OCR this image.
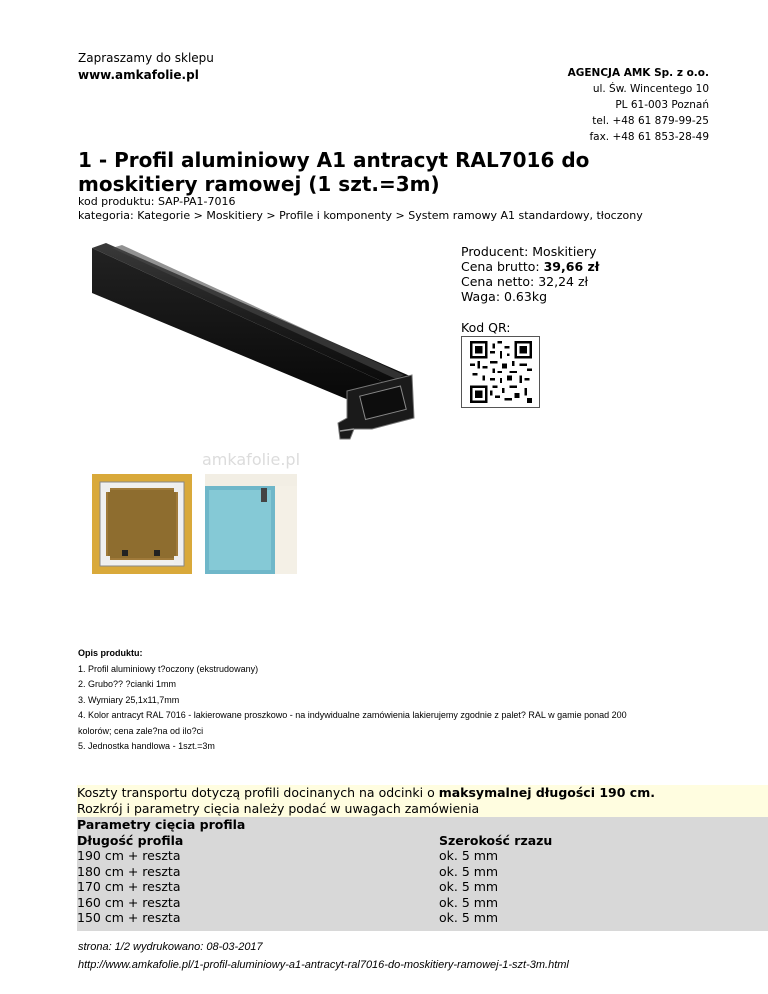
Zapraszamy do sklepu
www.amkafolie.pl	AGENCJA AMK Sp. z o.o.
ul. Św. Wincentego 10
PL 61-003 Poznań
tel. +48 61 879-99-25
fax. +48 61 853-28-49
1 - Profil aluminiowy A1 antracyt RAL7016 do moskitiery ramowej (1 szt.=3m)
kod produktu: SAP-PA1-7016
kategoria: Kategorie > Moskitiery > Profile i komponenty > System ramowy A1 standardowy, tłoczony
amkafolie.pl
Producent: Moskitiery
Cena brutto: 39,66 zł
Cena netto: 32,24 zł
Waga: 0.63kg
Kod QR:
Opis produktu:
1. Profil aluminiowy t?oczony (ekstrudowany)
2. Grubo?? ?cianki 1mm
3. Wymiary 25,1x11,7mm
4. Kolor antracyt RAL 7016 - lakierowane proszkowo - na indywidualne zamówienia lakierujemy zgodnie z palet? RAL w gamie ponad 200
kolorów; cena zale?na od ilo?ci
5. Jednostka handlowa - 1szt.=3m
Koszty transportu dotyczą profili docinanych na odcinki o maksymalnej długości 190 cm.
Rozkrój i parametry cięcia należy podać w uwagach zamówienia
Parametry cięcia profila
Długość profila	Szerokość rzazu
190 cm + reszta	ok. 5 mm
180 cm + reszta	ok. 5 mm
170 cm + reszta	ok. 5 mm
160 cm + reszta	ok. 5 mm
150 cm + reszta	ok. 5 mm
strona: 1/2 wydrukowano: 08-03-2017
http://www.amkafolie.pl/1-profil-aluminiowy-a1-antracyt-ral7016-do-moskitiery-ramowej-1-szt-3m.html
